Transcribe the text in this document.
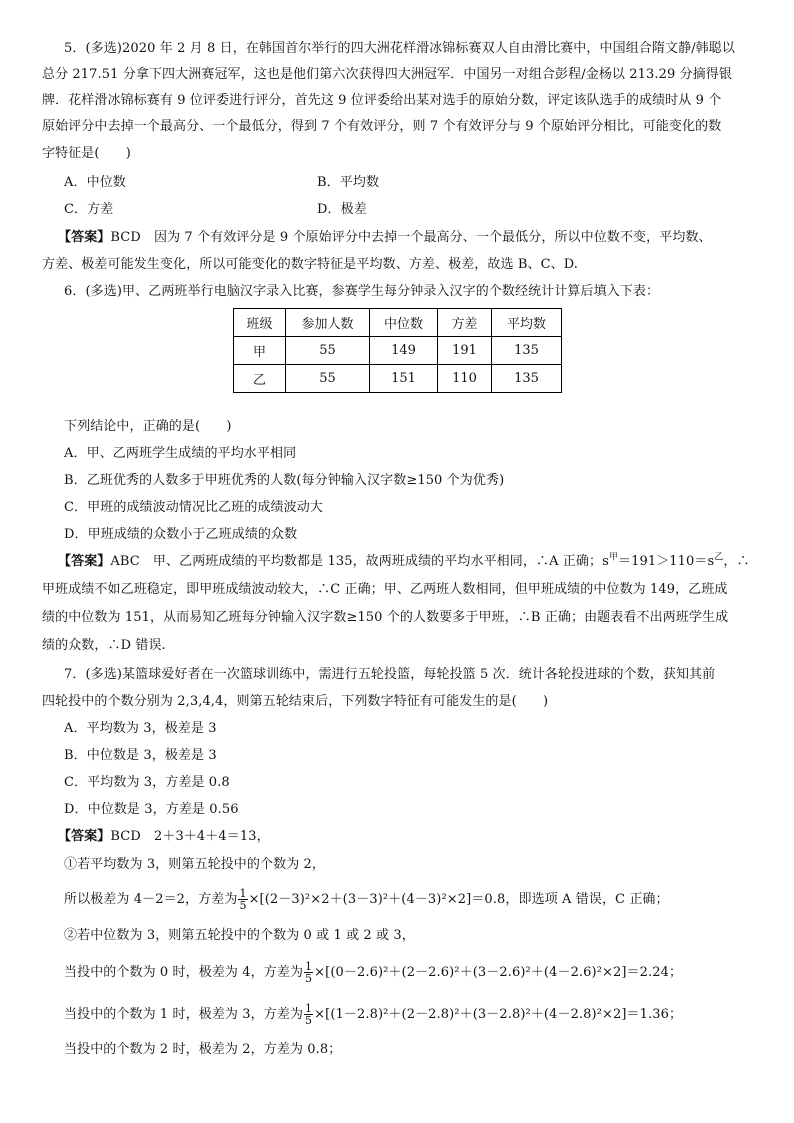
5．(多选)2020 年 2 月 8 日，在韩国首尔举行的四大洲花样滑冰锦标赛双人自由滑比赛中，中国组合隋文静/韩聪以
总分 217.51 分拿下四大洲赛冠军，这也是他们第六次获得四大洲冠军．中国另一对组合彭程/金杨以 213.29 分摘得银
牌．花样滑冰锦标赛有 9 位评委进行评分，首先这 9 位评委给出某对选手的原始分数，评定该队选手的成绩时从 9 个
原始评分中去掉一个最高分、一个最低分，得到 7 个有效评分，则 7 个有效评分与 9 个原始评分相比，可能变化的数
字特征是(　　)
A．中位数	B．平均数
C．方差	D．极差
【答案】BCD　因为 7 个有效评分是 9 个原始评分中去掉一个最高分、一个最低分，所以中位数不变，平均数、
方差、极差可能发生变化，所以可能变化的数字特征是平均数、方差、极差，故选 B、C、D.
6．(多选)甲、乙两班举行电脑汉字录入比赛，参赛学生每分钟录入汉字的个数经统计计算后填入下表：
班级	参加人数	中位数	方差	平均数
甲	55	149	191	135
乙	55	151	110	135
下列结论中，正确的是(　　)
A．甲、乙两班学生成绩的平均水平相同
B．乙班优秀的人数多于甲班优秀的人数(每分钟输入汉字数≥150 个为优秀)
C．甲班的成绩波动情况比乙班的成绩波动大
D．甲班成绩的众数小于乙班成绩的众数
【答案】ABC　甲、乙两班成绩的平均数都是 135，故两班成绩的平均水平相同，∴A 正确；$s^甲=191>110=s^乙$，∴
甲班成绩不如乙班稳定，即甲班成绩波动较大，∴C 正确；甲、乙两班人数相同，但甲班成绩的中位数为 149，乙班成
绩的中位数为 151，从而易知乙班每分钟输入汉字数≥150 个的人数要多于甲班，∴B 正确；由题表看不出两班学生成
绩的众数，∴D 错误.
7．(多选)某篮球爱好者在一次篮球训练中，需进行五轮投篮，每轮投篮 5 次．统计各轮投进球的个数，获知其前
四轮投中的个数分别为 2,3,4,4，则第五轮结束后，下列数字特征有可能发生的是(　　)
A．平均数为 3，极差是 3
B．中位数是 3，极差是 3
C．平均数为 3，方差是 0.8
D．中位数是 3，方差是 0.56
【答案】BCD　2＋3＋4＋4＝13，
①若平均数为 3，则第五轮投中的个数为 2，
所以极差为 4－2＝2，方差为 $\frac{1}{5} \times[(2-3)^2\times 2+(3-3)^2+(4-3)^2\times 2]=0.8$，即选项 A 错误，C 正确；
②若中位数为 3，则第五轮投中的个数为 0 或 1 或 2 或 3，
当投中的个数为 0 时，极差为 4，方差为 $\frac{1}{5} \times[(0-2.6)^2+(2-2.6)^2+(3-2.6)^2+(4-2.6)^2\times 2]=2.24$；
当投中的个数为 1 时，极差为 3，方差为 $\frac{1}{5} \times[(1-2.8)^2+(2-2.8)^2+(3-2.8)^2+(4-2.8)^2\times 2]=1.36$；
当投中的个数为 2 时，极差为 2，方差为 0.8；
